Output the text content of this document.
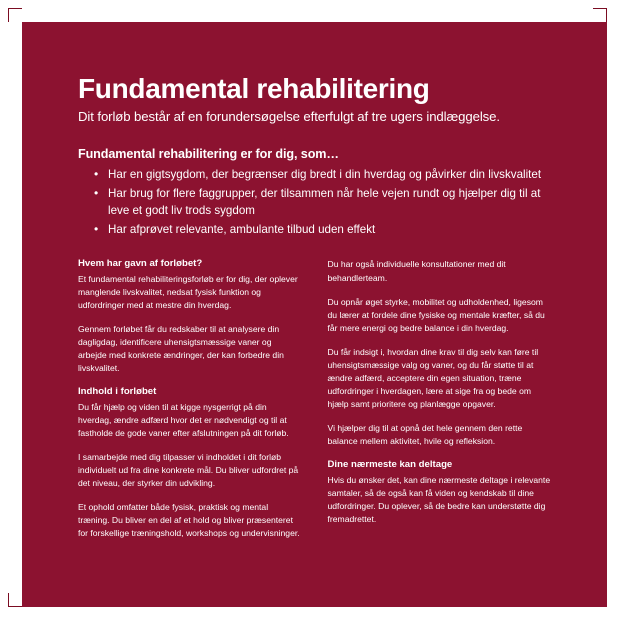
Fundamental rehabilitering

Dit forløb består af en forundersøgelse efterfulgt af tre ugers indlæggelse.

Fundamental rehabilitering er for dig, som…
• Har en gigtsygdom, der begrænser dig bredt i din hverdag og påvirker din livskvalitet
• Har brug for flere faggrupper, der tilsammen når hele vejen rundt og hjælper dig til at leve et godt liv trods sygdom
• Har afprøvet relevante, ambulante tilbud uden effekt
Hvem har gavn af forløbet?
Et fundamental rehabiliteringsforløb er for dig, der oplever manglende livskvalitet, nedsat fysisk funktion og udfordringer med at mestre din hverdag.
Gennem forløbet får du redskaber til at analysere din dagligdag, identificere uhensigtsmæssige vaner og arbejde med konkrete ændringer, der kan forbedre din livskvalitet.
Indhold i forløbet
Du får hjælp og viden til at kigge nysgerrigt på din hverdag, ændre adfærd hvor det er nødvendigt og til at fastholde de gode vaner efter afslutningen på dit forløb.
I samarbejde med dig tilpasser vi indholdet i dit forløb individuelt ud fra dine konkrete mål. Du bliver udfordret på det niveau, der styrker din udvikling.
Et ophold omfatter både fysisk, praktisk og mental træning. Du bliver en del af et hold og bliver præsenteret for forskellige træningshold, workshops og undervisninger.
Du har også individuelle konsultationer med dit behandlerteam.
Du opnår øget styrke, mobilitet og udholdenhed, ligesom du lærer at fordele dine fysiske og mentale kræfter, så du får mere energi og bedre balance i din hverdag.
Du får indsigt i, hvordan dine krav til dig selv kan føre til uhensigtsmæssige valg og vaner, og du får støtte til at ændre adfærd, acceptere din egen situation, træne udfordringer i hverdagen, lære at sige fra og bede om hjælp samt prioritere og planlægge opgaver.
Vi hjælper dig til at opnå det hele gennem den rette balance mellem aktivitet, hvile og refleksion.
Dine nærmeste kan deltage
Hvis du ønsker det, kan dine nærmeste deltage i relevante samtaler, så de også kan få viden og kendskab til dine udfordringer. Du oplever, så de bedre kan understøtte dig fremadrettet.
